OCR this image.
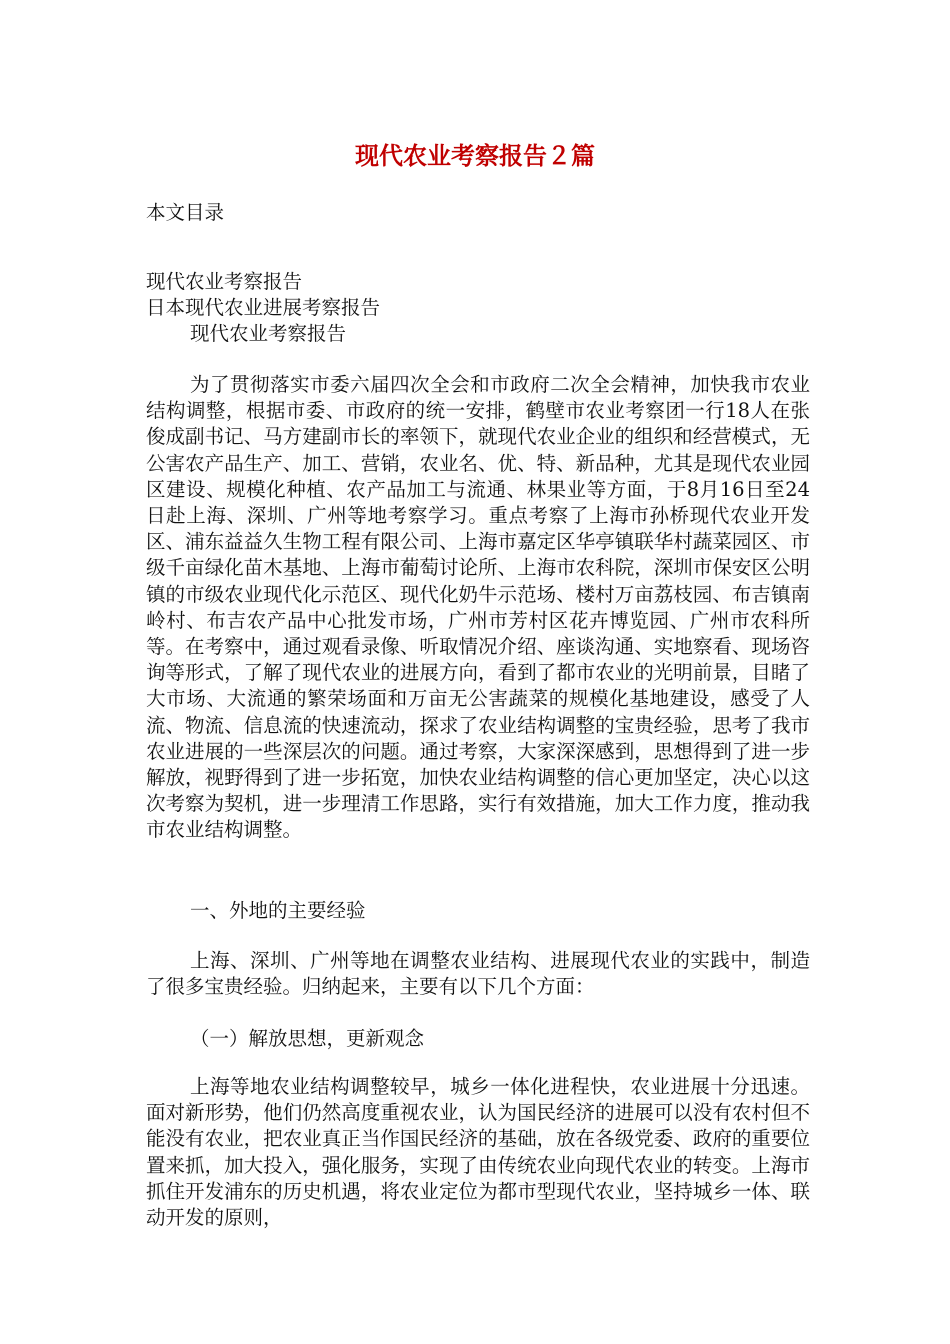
现代农业考察报告２篇

本文目录

现代农业考察报告
日本现代农业进展考察报告
现代农业考察报告

为了贯彻落实市委六届四次全会和市政府二次全会精神，加快我市农业结构调整，根据市委、市政府的统一安排，鹤壁市农业考察团一行18人在张俊成副书记、马方建副市长的率领下，就现代农业企业的组织和经营模式，无公害农产品生产、加工、营销，农业名、优、特、新品种，尤其是现代农业园区建设、规模化种植、农产品加工与流通、林果业等方面，于8月16日至24日赴上海、深圳、广州等地考察学习。重点考察了上海市孙桥现代农业开发区、浦东益益久生物工程有限公司、上海市嘉定区华亭镇联华村蔬菜园区、市级千亩绿化苗木基地、上海市葡萄讨论所、上海市农科院，深圳市保安区公明镇的市级农业现代化示范区、现代化奶牛示范场、楼村万亩荔枝园、布吉镇南岭村、布吉农产品中心批发市场，广州市芳村区花卉博览园、广州市农科所等。在考察中，通过观看录像、听取情况介绍、座谈沟通、实地察看、现场咨询等形式，了解了现代农业的进展方向，看到了都市农业的光明前景，目睹了大市场、大流通的繁荣场面和万亩无公害蔬菜的规模化基地建设，感受了人流、物流、信息流的快速流动，探求了农业结构调整的宝贵经验，思考了我市农业进展的一些深层次的问题。通过考察，大家深深感到，思想得到了进一步解放，视野得到了进一步拓宽，加快农业结构调整的信心更加坚定，决心以这次考察为契机，进一步理清工作思路，实行有效措施，加大工作力度，推动我市农业结构调整。

一、外地的主要经验

上海、深圳、广州等地在调整农业结构、进展现代农业的实践中，制造了很多宝贵经验。归纳起来，主要有以下几个方面：

（一）解放思想，更新观念

上海等地农业结构调整较早，城乡一体化进程快，农业进展十分迅速。面对新形势，他们仍然高度重视农业，认为国民经济的进展可以没有农村但不能没有农业，把农业真正当作国民经济的基础，放在各级党委、政府的重要位置来抓，加大投入，强化服务，实现了由传统农业向现代农业的转变。上海市抓住开发浦东的历史机遇，将农业定位为都市型现代农业，坚持城乡一体、联动开发的原则，
